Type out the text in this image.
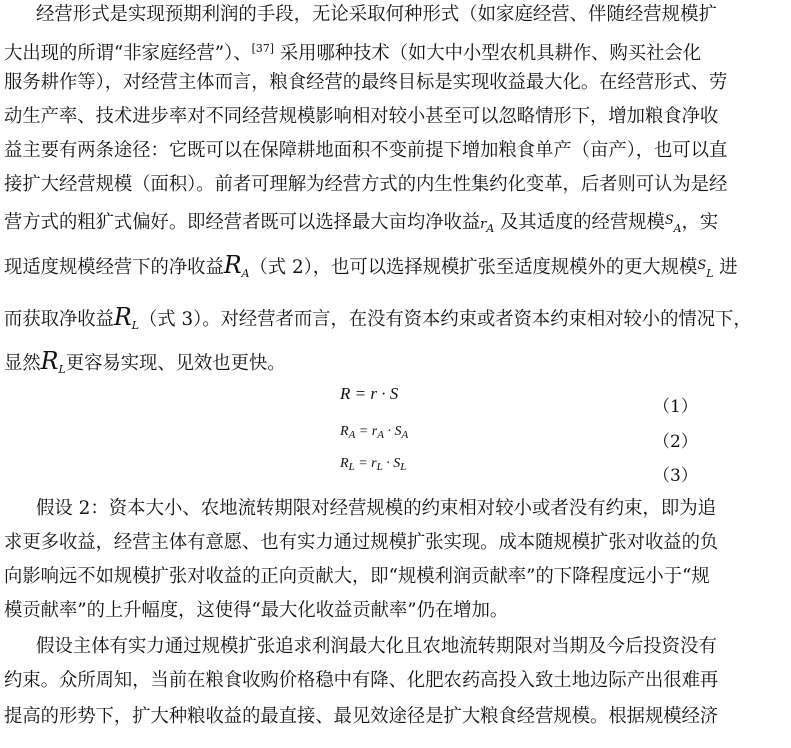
经营形式是实现预期利润的手段，无论采取何种形式（如家庭经营、伴随经营规模扩
大出现的所谓“非家庭经营”）、[37] 采用哪种技术（如大中小型农机具耕作、购买社会化
服务耕作等），对经营主体而言，粮食经营的最终目标是实现收益最大化。在经营形式、劳
动生产率、技术进步率对不同经营规模影响相对较小甚至可以忽略情形下，增加粮食净收
益主要有两条途径：它既可以在保障耕地面积不变前提下增加粮食单产（亩产），也可以直
接扩大经营规模（面积）。前者可理解为经营方式的内生性集约化变革，后者则可认为是经
营方式的粗犷式偏好。即经营者既可以选择最大亩均净收益$r_A$ 及其适度的经营规模$^S_A$，实
现适度规模经营下的净收益$R_A$（式 2），也可以选择规模扩张至适度规模外的更大规模$^S_L$ 进
而获取净收益$R_L$（式 3）。对经营者而言，在没有资本约束或者资本约束相对较小的情况下，
显然$R_L$更容易实现、见效也更快。
R = r · S
（1）
$R_A = r_A \cdot S_A$	（2）
$R_L = r_L \cdot S_L$	（3）
假设 2：资本大小、农地流转期限对经营规模的约束相对较小或者没有约束，即为追
求更多收益，经营主体有意愿、也有实力通过规模扩张实现。成本随规模扩张对收益的负
向影响远不如规模扩张对收益的正向贡献大，即“规模利润贡献率”的下降程度远小于“规
模贡献率”的上升幅度，这使得“最大化收益贡献率”仍在增加。
假设主体有实力通过规模扩张追求利润最大化且农地流转期限对当期及今后投资没有
约束。众所周知，当前在粮食收购价格稳中有降、化肥农药高投入致土地边际产出很难再
提高的形势下，扩大种粮收益的最直接、最见效途径是扩大粮食经营规模。根据规模经济
